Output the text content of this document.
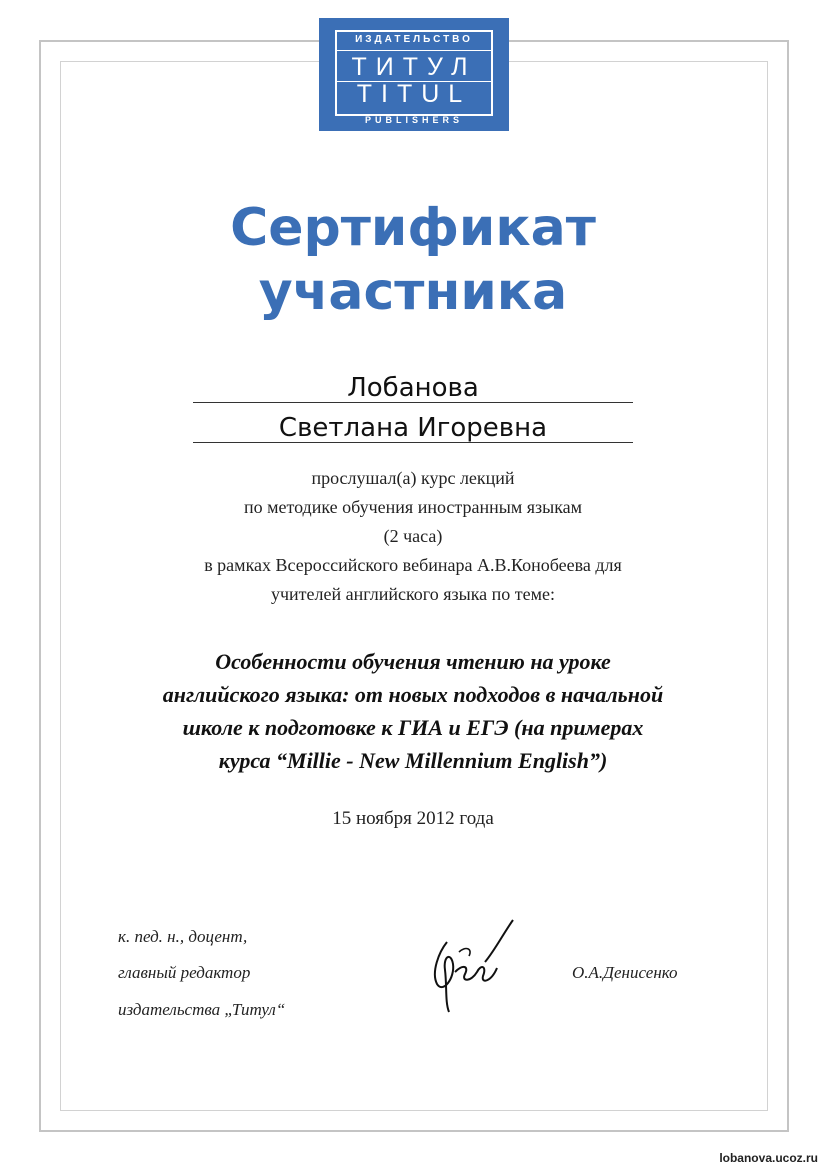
ИЗДАТЕЛЬСТВО
ТИТУЛ
TITUL
PUBLISHERS
Сертификат
участника
Лобанова
Светлана Игоревна
прослушал(а) курс лекций
по методике обучения иностранным языкам
(2 часа)
в рамках Всероссийского вебинара А.В.Конобеева для
учителей английского языка по теме:
Особенности обучения чтению на уроке
английского языка: от новых подходов в начальной
школе к подготовке к ГИА и ЕГЭ (на примерах
курса “Millie - New Millennium English”)
15 ноября 2012 года
к. пед. н., доцент,
главный редактор
издательства „Титул“
О.А.Денисенко
lobanova.ucoz.ru
